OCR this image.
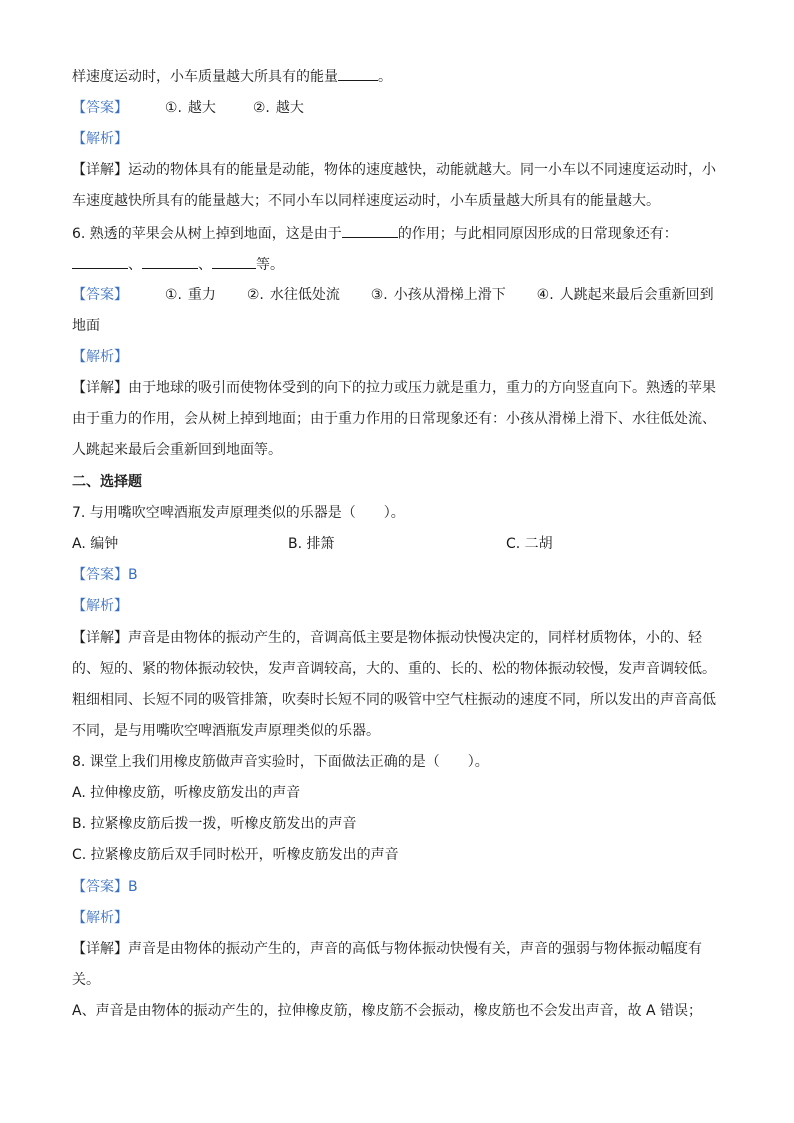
样速度运动时，小车质量越大所具有的能量	。
【答案】	①. 越大	②. 越大
【解析】
【详解】运动的物体具有的能量是动能，物体的速度越快，动能就越大。同一小车以不同速度运动时，小
车速度越快所具有的能量越大；不同小车以同样速度运动时，小车质量越大所具有的能量越大。
6. 熟透的苹果会从树上掉到地面，这是由于	的作用；与此相同原因形成的日常现象还有：
、	、	等。
【答案】	①. 重力 ②. 水往低处流 ③. 小孩从滑梯上滑下 ④. 人跳起来最后会重新回到
地面
【解析】
【详解】由于地球的吸引而使物体受到的向下的拉力或压力就是重力，重力的方向竖直向下。熟透的苹果
由于重力的作用，会从树上掉到地面；由于重力作用的日常现象还有：小孩从滑梯上滑下、水往低处流、
人跳起来最后会重新回到地面等。
二、选择题
7. 与用嘴吹空啤酒瓶发声原理类似的乐器是（　　）。
A. 编钟	B. 排箫	C. 二胡
【答案】B
【解析】
【详解】声音是由物体的振动产生的，音调高低主要是物体振动快慢决定的，同样材质物体，小的、轻
的、短的、紧的物体振动较快，发声音调较高，大的、重的、长的、松的物体振动较慢，发声音调较低。
粗细相同、长短不同的吸管排箫，吹奏时长短不同的吸管中空气柱振动的速度不同，所以发出的声音高低
不同，是与用嘴吹空啤酒瓶发声原理类似的乐器。
8. 课堂上我们用橡皮筋做声音实验时，下面做法正确的是（　　）。
A. 拉伸橡皮筋，听橡皮筋发出的声音
B. 拉紧橡皮筋后拨一拨，听橡皮筋发出的声音
C. 拉紧橡皮筋后双手同时松开，听橡皮筋发出的声音
【答案】B
【解析】
【详解】声音是由物体的振动产生的，声音的高低与物体振动快慢有关，声音的强弱与物体振动幅度有
关。
A、声音是由物体的振动产生的，拉伸橡皮筋，橡皮筋不会振动，橡皮筋也不会发出声音，故 A 错误；
